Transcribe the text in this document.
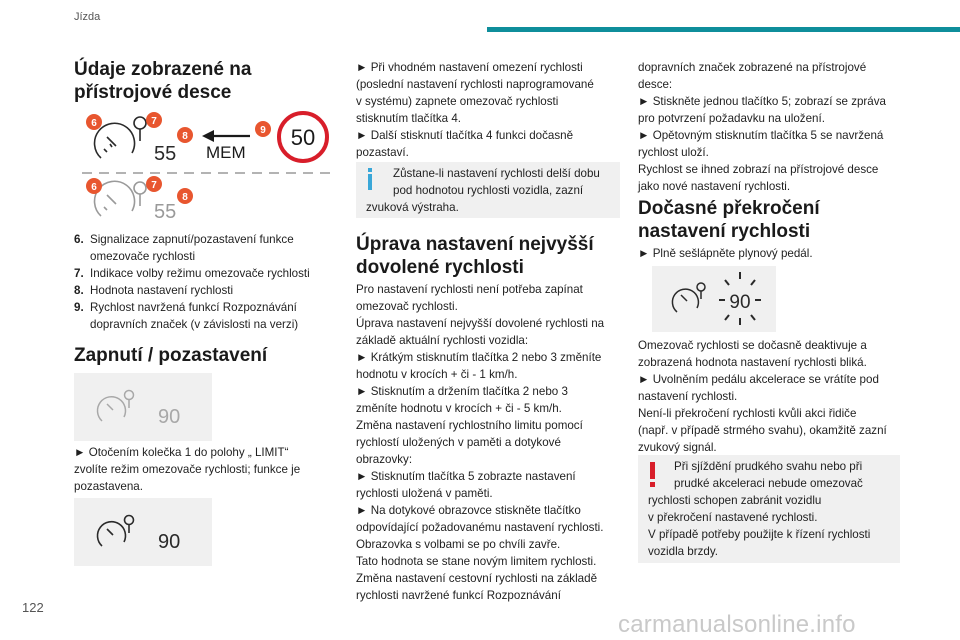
Jízda
122
carmanualsonline.info
Údaje zobrazené na
přístrojové desce
55 MEM
50
55
6	7
8
9
6	7
8
6. Signalizace zapnutí/pozastavení funkce
omezovače rychlosti
7. Indikace volby režimu omezovače rychlosti
8. Hodnota nastavení rychlosti
9. Rychlost navržená funkcí Rozpoznávání
dopravních značek (v závislosti na verzi)
Zapnutí / pozastavení
90

► Otočením kolečka 1 do polohy „ LIMIT“

zvolíte režim omezovače rychlosti; funkce je

pozastavena.

90

► Při vhodném nastavení omezení rychlosti

(poslední nastavení rychlosti naprogramované

v systému) zapnete omezovač rychlosti

stisknutím tlačítka 4.

► Další stisknutí tlačítka 4 funkci dočasně

pozastaví.

Zůstane-li nastavení rychlosti delší dobu

pod hodnotou rychlosti vozidla, zazní

zvuková výstraha.

Úprava nastavení nejvyšší
dovolené rychlosti

Pro nastavení rychlosti není potřeba zapínat

omezovač rychlosti.

Úprava nastavení nejvyšší dovolené rychlosti na

základě aktuální rychlosti vozidla:

► Krátkým stisknutím tlačítka 2 nebo 3 změníte

hodnotu v krocích + či - 1 km/h.

► Stisknutím a držením tlačítka 2 nebo 3

změníte hodnotu v krocích + či - 5 km/h.

Změna nastavení rychlostního limitu pomocí

rychlostí uložených v paměti a dotykové

obrazovky:

► Stisknutím tlačítka 5 zobrazte nastavení

rychlosti uložená v paměti.

► Na dotykové obrazovce stiskněte tlačítko

odpovídající požadovanému nastavení rychlosti.

Obrazovka s volbami se po chvíli zavře.

Tato hodnota se stane novým limitem rychlosti.

Změna nastavení cestovní rychlosti na základě

rychlosti navržené funkcí Rozpoznávání

dopravních značek zobrazené na přístrojové

desce:

► Stiskněte jednou tlačítko 5; zobrazí se zpráva

pro potvrzení požadavku na uložení.

► Opětovným stisknutím tlačítka 5 se navržená

rychlost uloží.

Rychlost se ihned zobrazí na přístrojové desce

jako nové nastavení rychlosti.

Dočasné překročení
nastavení rychlosti
► Plně sešlápněte plynový pedál.
90

Omezovač rychlosti se dočasně deaktivuje a

zobrazená hodnota nastavení rychlosti bliká.

► Uvolněním pedálu akcelerace se vrátíte pod

nastavení rychlosti.

Není-li překročení rychlosti kvůli akci řidiče

(např. v případě strmého svahu), okamžitě zazní

zvukový signál.

Při sjíždění prudkého svahu nebo při

prudké akceleraci nebude omezovač

rychlosti schopen zabránit vozidlu

v překročení nastavené rychlosti.

V případě potřeby použijte k řízení rychlosti

vozidla brzdy.
